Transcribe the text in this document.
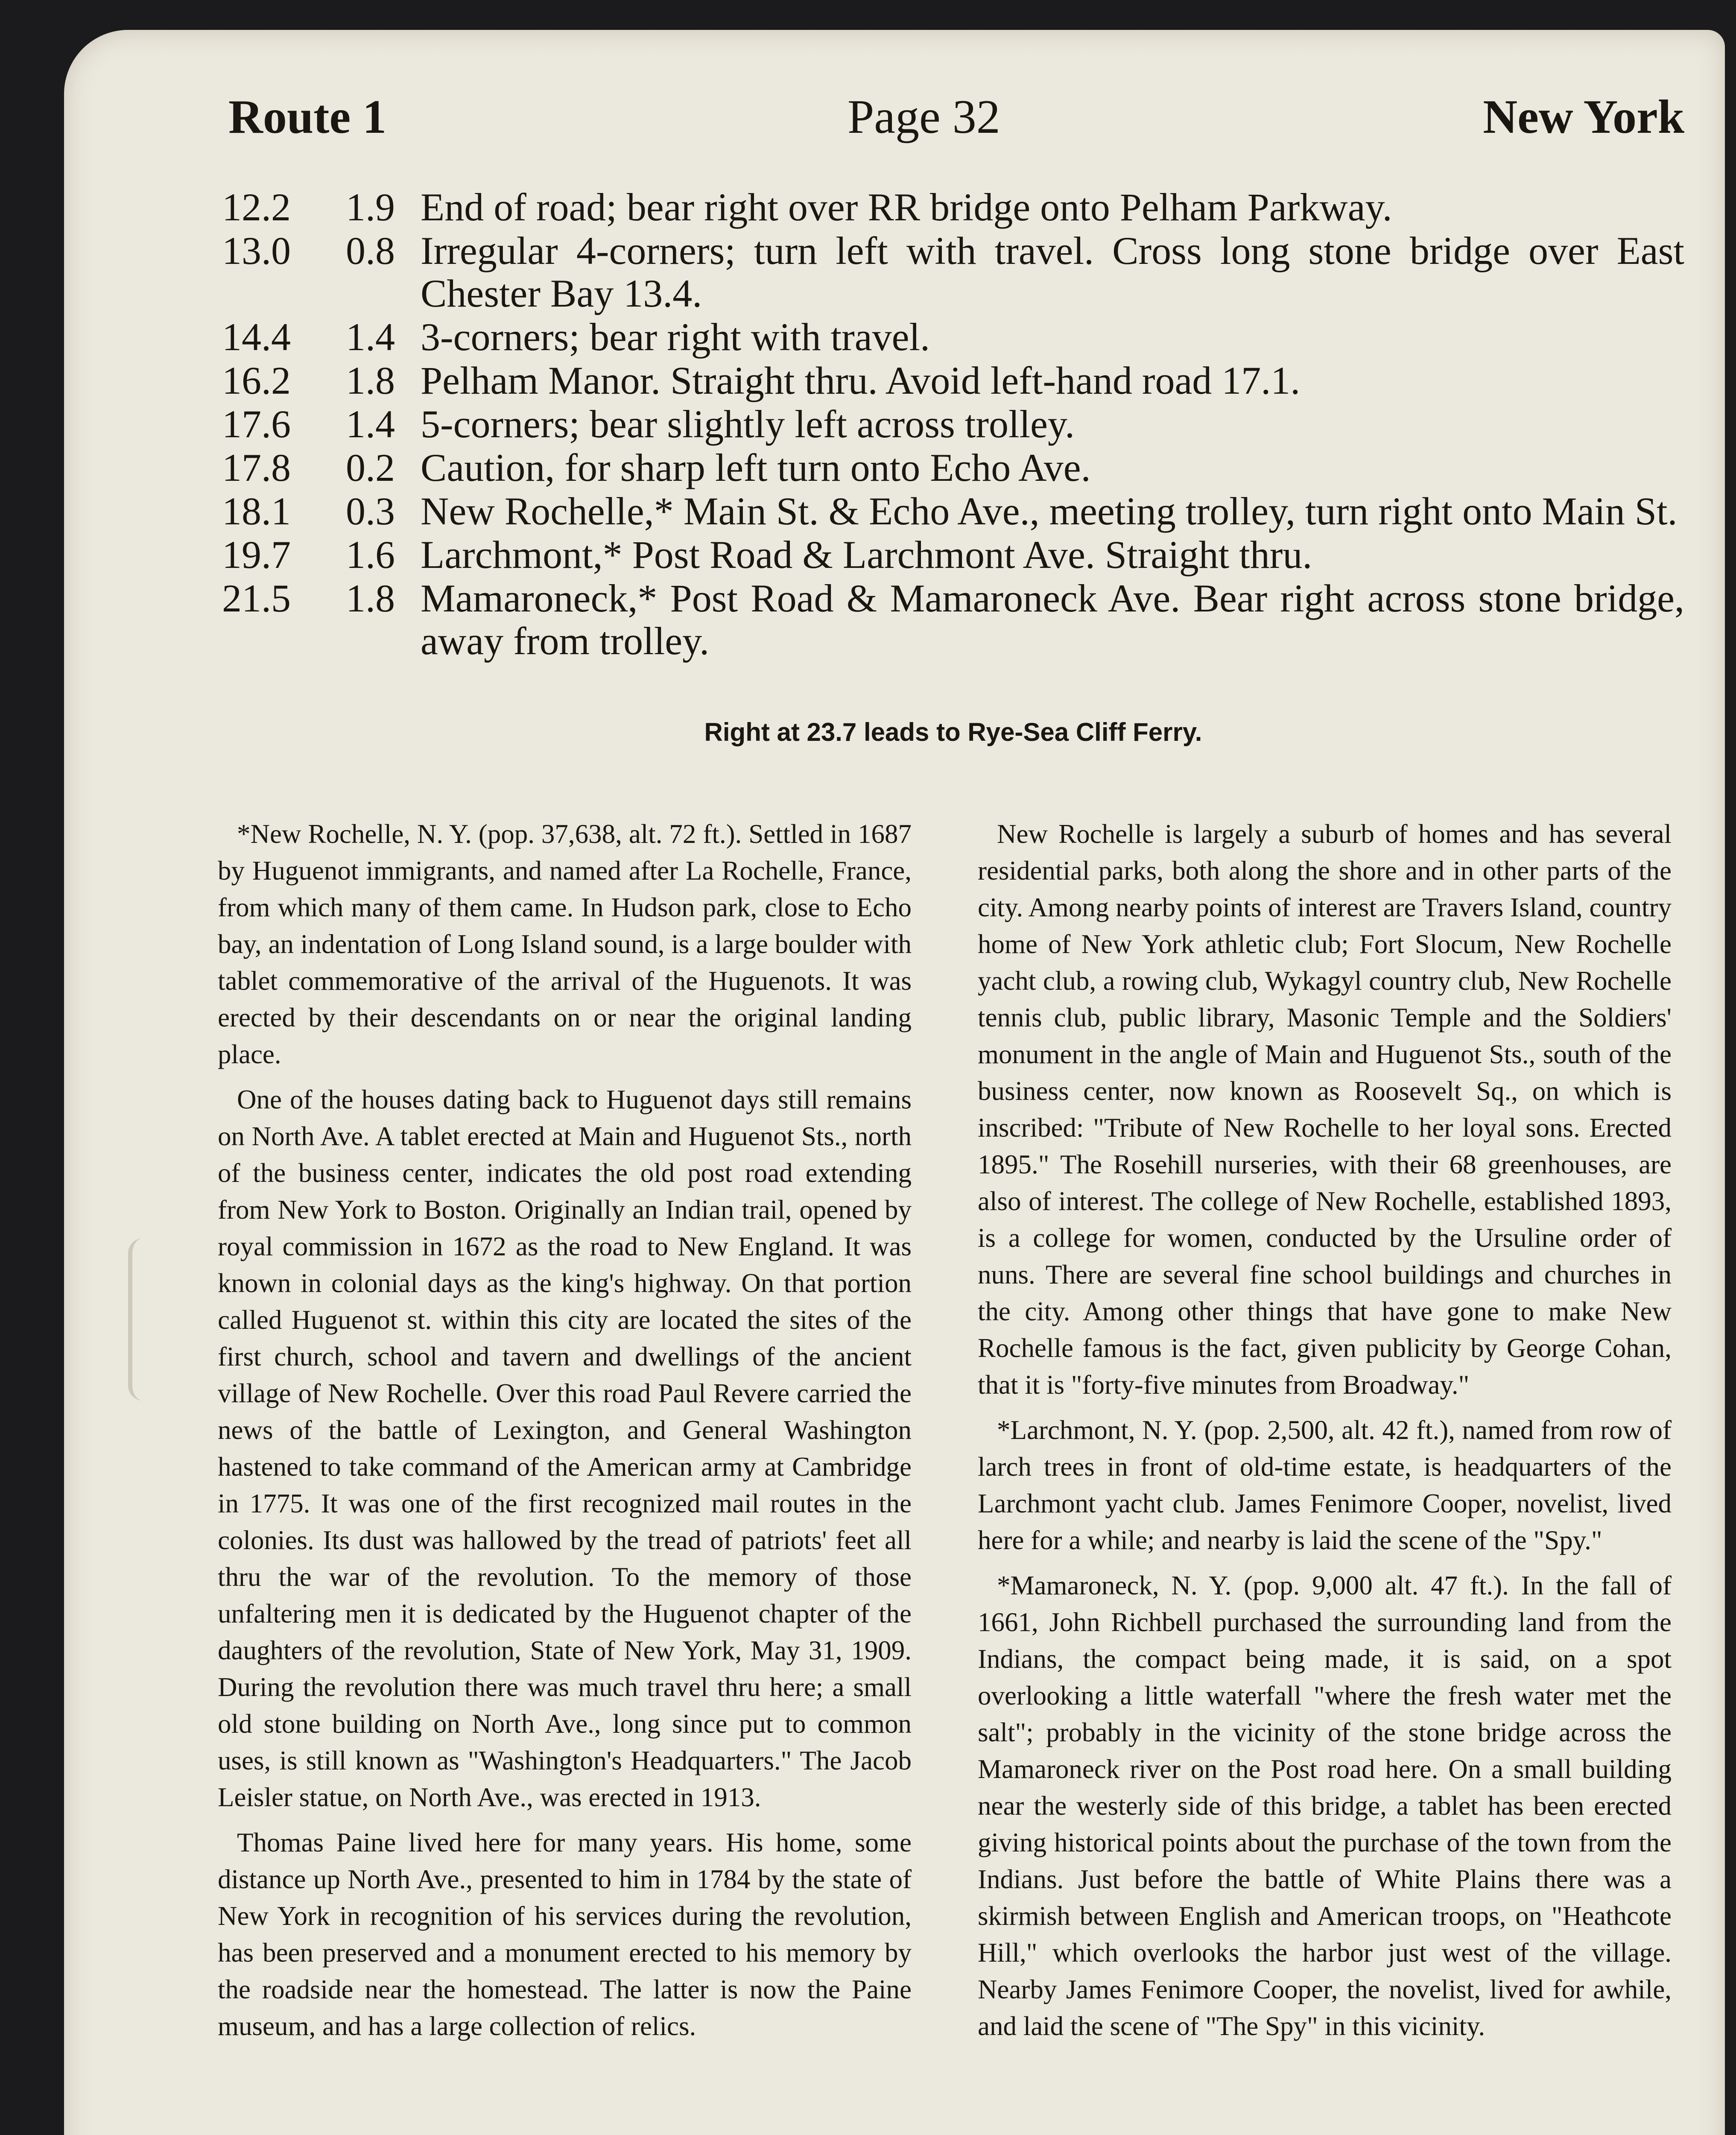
Route 1	Page 32	New York
12.2	1.9 End of road; bear right over RR bridge onto Pelham Parkway.
13.0	0.8 Irregular 4-corners; turn left with travel. Cross long stone bridge over East Chester Bay 13.4.
14.4	1.4 3-corners; bear right with travel.
16.2	1.8 Pelham Manor. Straight thru. Avoid left-hand road 17.1.
17.6	1.4 5-corners; bear slightly left across trolley.
17.8	0.2 Caution, for sharp left turn onto Echo Ave.
18.1	0.3 New Rochelle,* Main St. & Echo Ave., meeting trolley, turn right onto Main St.
19.7	1.6 Larchmont,* Post Road & Larchmont Ave. Straight thru.
21.5	1.8 Mamaroneck,* Post Road & Mamaroneck Ave. Bear right across stone bridge, away from trolley.
Right at 23.7 leads to Rye-Sea Cliff Ferry.

*New Rochelle, N. Y. (pop. 37,638, alt. 72 ft.). Settled in 1687 by Huguenot immigrants, and named after La Rochelle, France, from which many of them came. In Hudson park, close to Echo bay, an indentation of Long Island sound, is a large boulder with tablet commemorative of the arrival of the Huguenots. It was erected by their descendants on or near the original landing place.

One of the houses dating back to Huguenot days still remains on North Ave. A tablet erected at Main and Huguenot Sts., north of the business center, indicates the old post road extending from New York to Boston. Originally an Indian trail, opened by royal commission in 1672 as the road to New England. It was known in colonial days as the king's highway. On that portion called Huguenot st. within this city are located the sites of the first church, school and tavern and dwellings of the ancient village of New Rochelle. Over this road Paul Revere carried the news of the battle of Lexington, and General Washington hastened to take command of the American army at Cambridge in 1775. It was one of the first recognized mail routes in the colonies. Its dust was hallowed by the tread of patriots' feet all thru the war of the revolution. To the memory of those unfaltering men it is dedicated by the Huguenot chapter of the daughters of the revolution, State of New York, May 31, 1909. During the revolution there was much travel thru here; a small old stone building on North Ave., long since put to common uses, is still known as "Washington's Headquarters." The Jacob Leisler statue, on North Ave., was erected in 1913.

Thomas Paine lived here for many years. His home, some distance up North Ave., presented to him in 1784 by the state of New York in recognition of his services during the revolution, has been preserved and a monument erected to his memory by the roadside near the homestead. The latter is now the Paine museum, and has a large collection of relics.

New Rochelle is largely a suburb of homes and has several residential parks, both along the shore and in other parts of the city. Among nearby points of interest are Travers Island, country home of New York athletic club; Fort Slocum, New Rochelle yacht club, a rowing club, Wykagyl country club, New Rochelle tennis club, public library, Masonic Temple and the Soldiers' monument in the angle of Main and Huguenot Sts., south of the business center, now known as Roosevelt Sq., on which is inscribed: "Tribute of New Rochelle to her loyal sons. Erected 1895." The Rosehill nurseries, with their 68 greenhouses, are also of interest. The college of New Rochelle, established 1893, is a college for women, conducted by the Ursuline order of nuns. There are several fine school buildings and churches in the city. Among other things that have gone to make New Rochelle famous is the fact, given publicity by George Cohan, that it is "forty-five minutes from Broadway."

*Larchmont, N. Y. (pop. 2,500, alt. 42 ft.), named from row of larch trees in front of old-time estate, is headquarters of the Larchmont yacht club. James Fenimore Cooper, novelist, lived here for a while; and nearby is laid the scene of the "Spy."

*Mamaroneck, N. Y. (pop. 9,000 alt. 47 ft.). In the fall of 1661, John Richbell purchased the surrounding land from the Indians, the compact being made, it is said, on a spot overlooking a little waterfall "where the fresh water met the salt"; probably in the vicinity of the stone bridge across the Mamaroneck river on the Post road here. On a small building near the westerly side of this bridge, a tablet has been erected giving historical points about the purchase of the town from the Indians. Just before the battle of White Plains there was a skirmish between English and American troops, on "Heathcote Hill," which overlooks the harbor just west of the village. Nearby James Fenimore Cooper, the novelist, lived for awhile, and laid the scene of "The Spy" in this vicinity.
